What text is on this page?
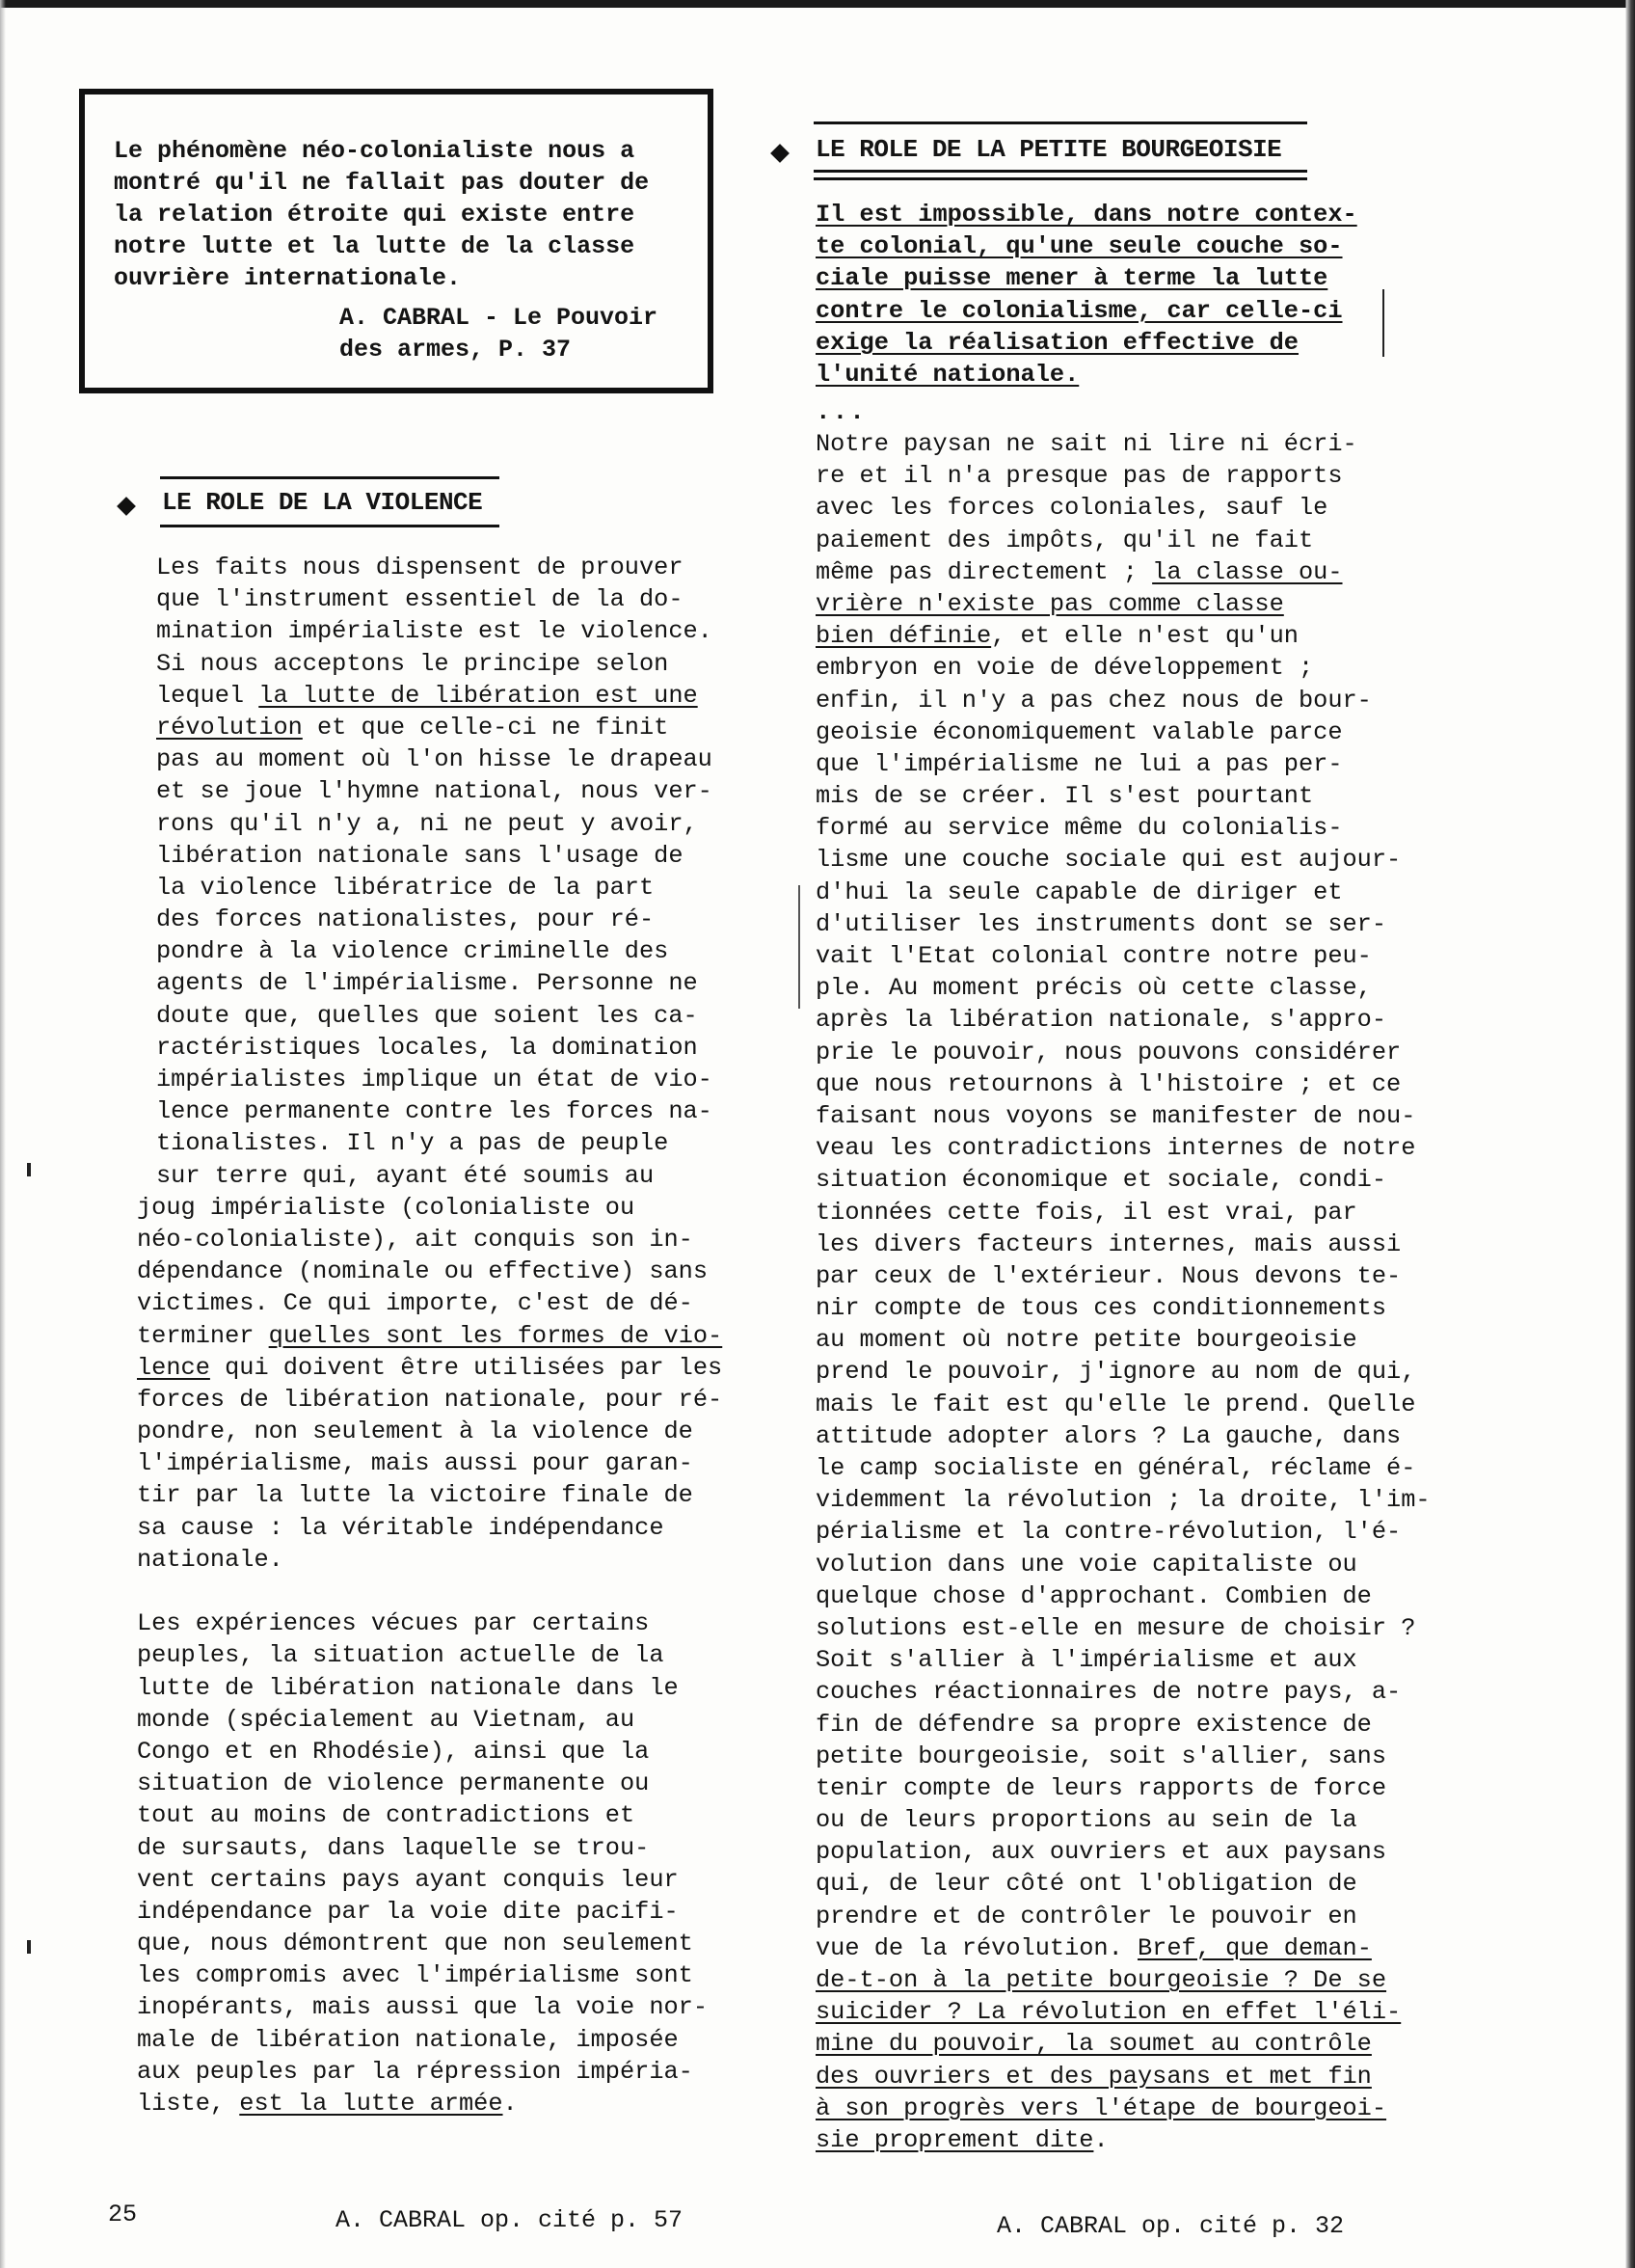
Le phénomène néo-colonialiste nous a
montré qu'il ne fallait pas douter de
la relation étroite qui existe entre
notre lutte et la lutte de la classe
ouvrière internationale.
A. CABRAL - Le Pouvoir
des armes, P. 37
LE ROLE DE LA VIOLENCE
LE ROLE DE LA PETITE BOURGEOISIE
Les faits nous dispensent de prouver
que l'instrument essentiel de la do-
mination impérialiste est le violence.
Si nous acceptons le principe selon
lequel la lutte de libération est une
révolution et que celle-ci ne finit
pas au moment où l'on hisse le drapeau
et se joue l'hymne national, nous ver-
rons qu'il n'y a, ni ne peut y avoir,
libération nationale sans l'usage de
la violence libératrice de la part
des forces nationalistes, pour ré-
pondre à la violence criminelle des
agents de l'impérialisme. Personne ne
doute que, quelles que soient les ca-
ractéristiques locales, la domination
impérialistes implique un état de vio-
lence permanente contre les forces na-
tionalistes. Il n'y a pas de peuple
sur terre qui, ayant été soumis au
joug impérialiste (colonialiste ou
néo-colonialiste), ait conquis son in-
dépendance (nominale ou effective) sans
victimes. Ce qui importe, c'est de dé-
terminer quelles sont les formes de vio-
lence qui doivent être utilisées par les
forces de libération nationale, pour ré-
pondre, non seulement à la violence de
l'impérialisme, mais aussi pour garan-
tir par la lutte la victoire finale de
sa cause : la véritable indépendance
nationale.
Les expériences vécues par certains
peuples, la situation actuelle de la
lutte de libération nationale dans le
monde (spécialement au Vietnam, au
Congo et en Rhodésie), ainsi que la
situation de violence permanente ou
tout au moins de contradictions et
de sursauts, dans laquelle se trou-
vent certains pays ayant conquis leur
indépendance par la voie dite pacifi-
que, nous démontrent que non seulement
les compromis avec l'impérialisme sont
inopérants, mais aussi que la voie nor-
male de libération nationale, imposée
aux peuples par la répression impéria-
liste, est la lutte armée.
Il est impossible, dans notre contex-
te colonial, qu'une seule couche so-
ciale puisse mener à terme la lutte
contre le colonialisme, car celle-ci
exige la réalisation effective de
l'unité nationale.
...
Notre paysan ne sait ni lire ni écri-
re et il n'a presque pas de rapports
avec les forces coloniales, sauf le
paiement des impôts, qu'il ne fait
même pas directement ; la classe ou-
vrière n'existe pas comme classe
bien définie, et elle n'est qu'un
embryon en voie de développement ;
enfin, il n'y a pas chez nous de bour-
geoisie économiquement valable parce
que l'impérialisme ne lui a pas per-
mis de se créer. Il s'est pourtant
formé au service même du colonialis-
lisme une couche sociale qui est aujour-
d'hui la seule capable de diriger et
d'utiliser les instruments dont se ser-
vait l'Etat colonial contre notre peu-
ple. Au moment précis où cette classe,
après la libération nationale, s'appro-
prie le pouvoir, nous pouvons considérer
que nous retournons à l'histoire ; et ce
faisant nous voyons se manifester de nou-
veau les contradictions internes de notre
situation économique et sociale, condi-
tionnées cette fois, il est vrai, par
les divers facteurs internes, mais aussi
par ceux de l'extérieur. Nous devons te-
nir compte de tous ces conditionnements
au moment où notre petite bourgeoisie
prend le pouvoir, j'ignore au nom de qui,
mais le fait est qu'elle le prend. Quelle
attitude adopter alors ? La gauche, dans
le camp socialiste en général, réclame é-
videmment la révolution ; la droite, l'im-
périalisme et la contre-révolution, l'é-
volution dans une voie capitaliste ou
quelque chose d'approchant. Combien de
solutions est-elle en mesure de choisir ?
Soit s'allier à l'impérialisme et aux
couches réactionnaires de notre pays, a-
fin de défendre sa propre existence de
petite bourgeoisie, soit s'allier, sans
tenir compte de leurs rapports de force
ou de leurs proportions au sein de la
population, aux ouvriers et aux paysans
qui, de leur côté ont l'obligation de
prendre et de contrôler le pouvoir en
vue de la révolution. Bref, que deman-
de-t-on à la petite bourgeoisie ? De se
suicider ? La révolution en effet l'éli-
mine du pouvoir, la soumet au contrôle
des ouvriers et des paysans et met fin
à son progrès vers l'étape de bourgeoi-
sie proprement dite.
25	A. CABRAL op. cité p. 57	A. CABRAL op. cité p. 32
